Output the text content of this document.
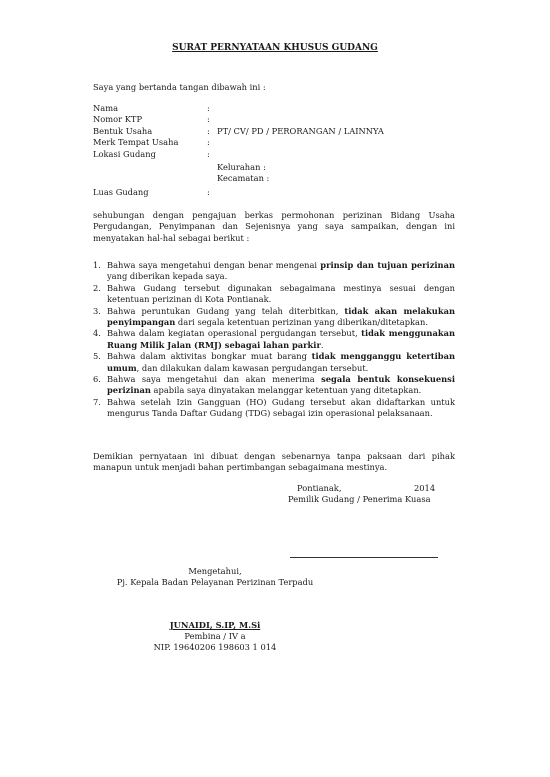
SURAT PERNYATAAN KHUSUS GUDANG
Saya yang bertanda tangan dibawah ini :
Nama	:
Nomor KTP	:
Bentuk Usaha	: PT/ CV/ PD / PERORANGAN / LAINNYA
Merk Tempat Usaha	:
Lokasi Gudang	:
Kelurahan :
Kecamatan :
Luas Gudang	:
sehubungan dengan pengajuan berkas permohonan perizinan Bidang Usaha Pergudangan, Penyimpanan dan Sejenisnya yang saya sampaikan, dengan ini menyatakan hal-hal sebagai berikut :
1. Bahwa saya mengetahui dengan benar mengenai prinsip dan tujuan perizinan yang diberikan kepada saya.
2. Bahwa Gudang tersebut digunakan sebagaimana mestinya sesuai dengan ketentuan perizinan di Kota Pontianak.
3. Bahwa peruntukan Gudang yang telah diterbitkan, tidak akan melakukan penyimpangan dari segala ketentuan perizinan yang diberikan/ditetapkan.
4. Bahwa dalam kegiatan operasional pergudangan tersebut, tidak menggunakan Ruang Milik Jalan (RMJ) sebagai lahan parkir.
5. Bahwa dalam aktivitas bongkar muat barang tidak mengganggu ketertiban umum, dan dilakukan dalam kawasan pergudangan tersebut.
6. Bahwa saya mengetahui dan akan menerima segala bentuk konsekuensi perizinan apabila saya dinyatakan melanggar ketentuan yang ditetapkan.
7. Bahwa setelah Izin Gangguan (HO) Gudang tersebut akan didaftarkan untuk mengurus Tanda Daftar Gudang (TDG) sebagai izin operasional pelaksanaan.
Demikian pernyataan ini dibuat dengan sebenarnya tanpa paksaan dari pihak manapun untuk menjadi bahan pertimbangan sebagaimana mestinya.
Pontianak,	2014
Pemilik Gudang / Penerima Kuasa
Mengetahui,
Pj. Kepala Badan Pelayanan Perizinan Terpadu
JUNAIDI, S.IP, M.Si
Pembina / IV a
NIP. 19640206 198603 1 014
